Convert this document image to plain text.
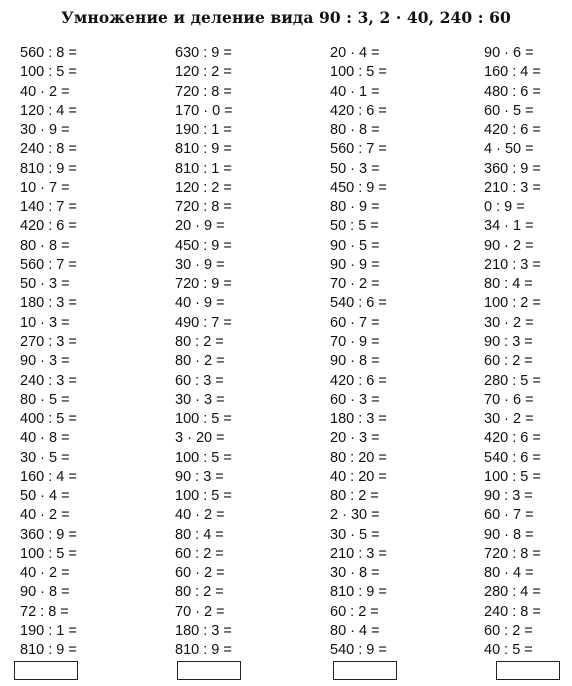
Умножение и деление вида 90 : 3, 2 · 40, 240 : 60
560 : 8 =
100 : 5 =
40 · 2 =
120 : 4 =
30 · 9 =
240 : 8 =
810 : 9 =
10 · 7 =
140 : 7 =
420 : 6 =
80 · 8 =
560 : 7 =
50 · 3 =
180 : 3 =
10 · 3 =
270 : 3 =
90 · 3 =
240 : 3 =
80 · 5 =
400 : 5 =
40 · 8 =
30 · 5 =
160 : 4 =
50 · 4 =
40 · 2 =
360 : 9 =
100 : 5 =
40 · 2 =
90 · 8 =
72 : 8 =
190 : 1 =
810 : 9 =
630 : 9 =
120 : 2 =
720 : 8 =
170 · 0 =
190 : 1 =
810 : 9 =
810 : 1 =
120 : 2 =
720 : 8 =
20 · 9 =
450 : 9 =
30 · 9 =
720 : 9 =
40 · 9 =
490 : 7 =
80 : 2 =
80 · 2 =
60 : 3 =
30 · 3 =
100 : 5 =
3 · 20 =
100 : 5 =
90 : 3 =
100 : 5 =
40 · 2 =
80 : 4 =
60 : 2 =
60 · 2 =
80 : 2 =
70 · 2 =
180 : 3 =
810 : 9 =
20 · 4 =
100 : 5 =
40 · 1 =
420 : 6 =
80 · 8 =
560 : 7 =
50 · 3 =
450 : 9 =
80 · 9 =
50 : 5 =
90 · 5 =
90 · 9 =
70 · 2 =
540 : 6 =
60 · 7 =
70 · 9 =
90 · 8 =
420 : 6 =
60 · 3 =
180 : 3 =
20 · 3 =
80 : 20 =
40 : 20 =
80 : 2 =
2 · 30 =
30 · 5 =
210 : 3 =
30 · 8 =
810 : 9 =
60 : 2 =
80 · 4 =
540 : 9 =
90 · 6 =
160 : 4 =
480 : 6 =
60 · 5 =
420 : 6 =
4 · 50 =
360 : 9 =
210 : 3 =
0 : 9 =
34 · 1 =
90 · 2 =
210 : 3 =
80 : 4 =
100 : 2 =
30 · 2 =
90 : 3 =
60 : 2 =
280 : 5 =
70 · 6 =
30 · 2 =
420 : 6 =
540 : 6 =
100 : 5 =
90 : 3 =
60 · 7 =
90 · 8 =
720 : 8 =
80 · 4 =
280 : 4 =
240 : 8 =
60 : 2 =
40 : 5 =
